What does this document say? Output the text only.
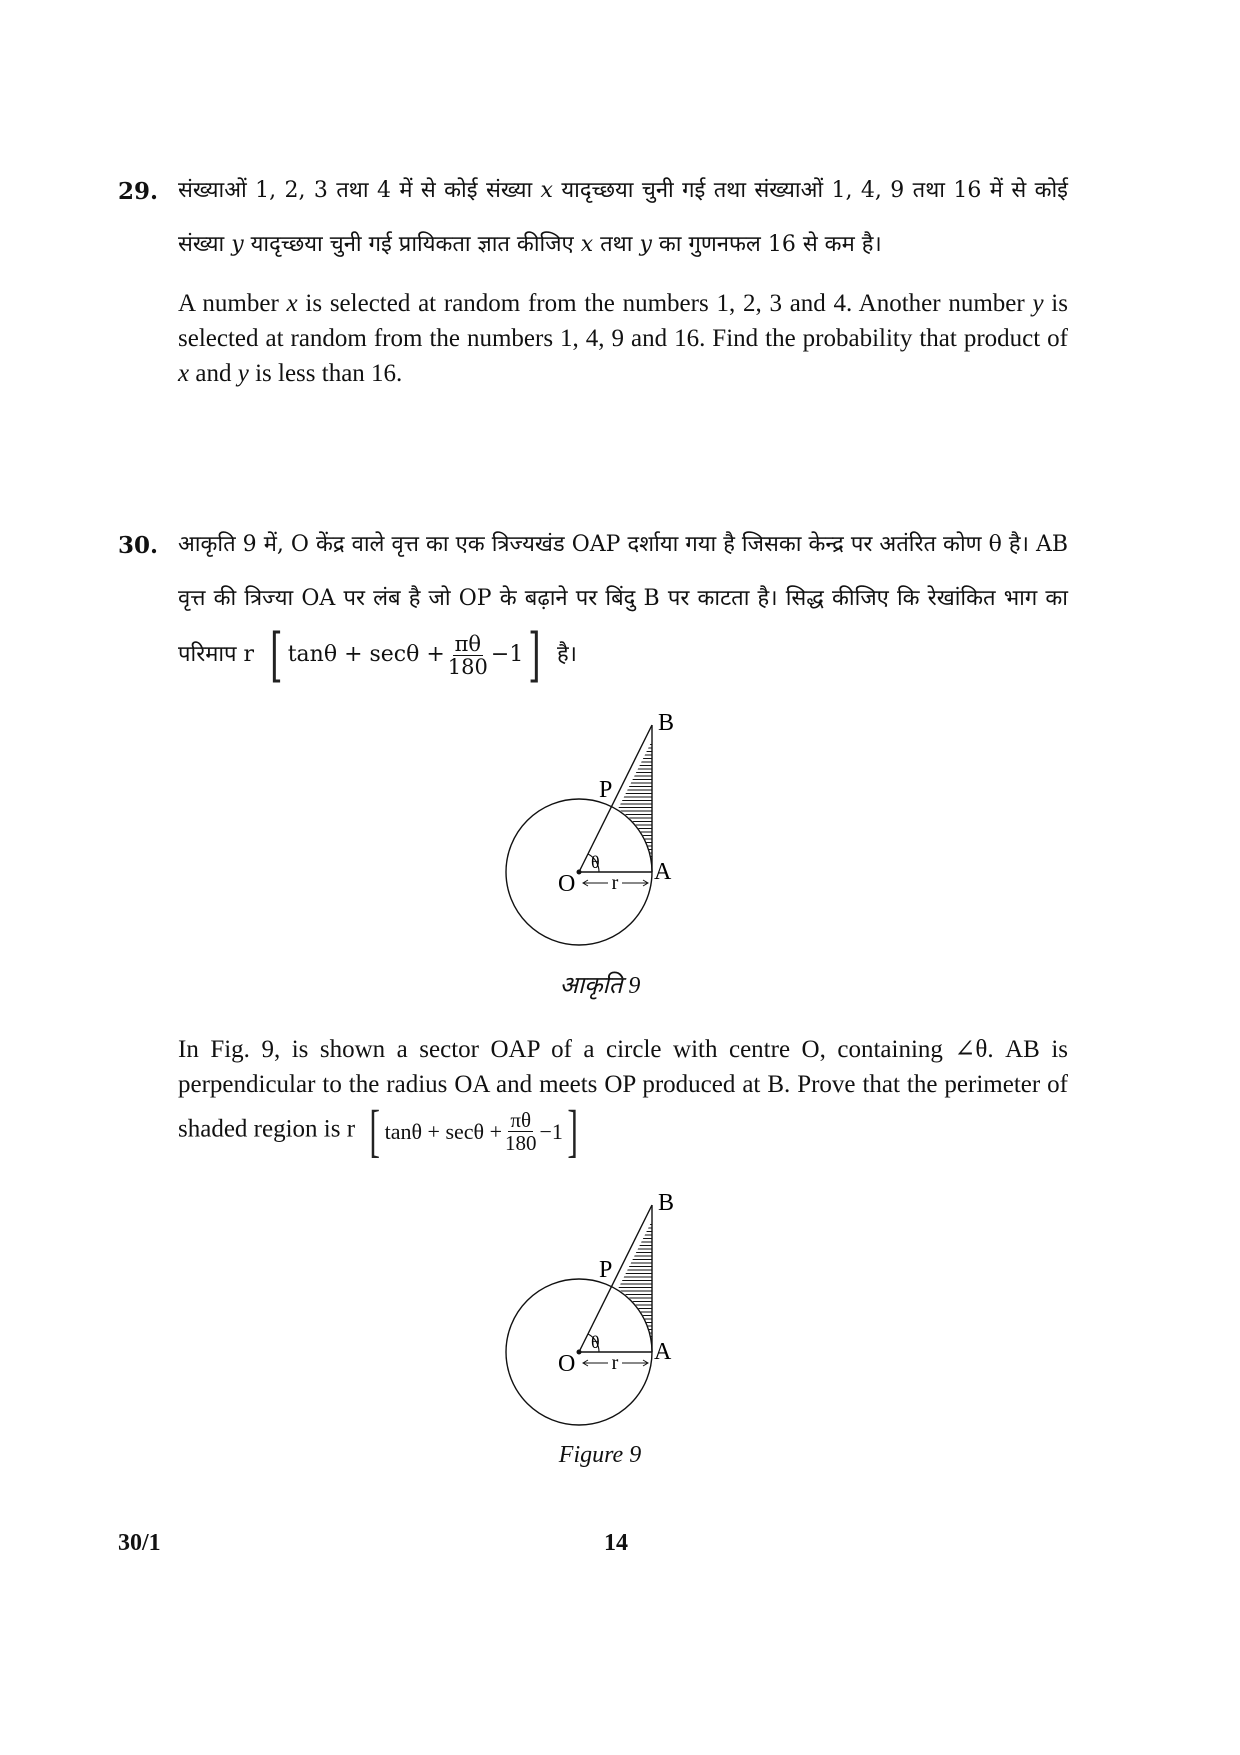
29. संख्याओं 1, 2, 3 तथा 4 में से कोई संख्या x यादृच्छया चुनी गई तथा संख्याओं 1, 4, 9 तथा 16 में से कोई संख्या y यादृच्छया चुनी गई प्रायिकता ज्ञात कीजिए x तथा y का गुणनफल 16 से कम है।
A number x is selected at random from the numbers 1, 2, 3 and 4. Another number y is selected at random from the numbers 1, 4, 9 and 16. Find the probability that product of x and y is less than 16.
30. आकृति 9 में, O केंद्र वाले वृत्त का एक त्रिज्यखंड OAP दर्शाया गया है जिसका केन्द्र पर अतंरित कोण θ है। AB वृत्त की त्रिज्या OA पर लंब है जो OP के बढ़ाने पर बिंदु B पर काटता है। सिद्ध कीजिए कि रेखांकित भाग का परिमाप r [ $\tan\theta + \sec\theta + \frac{\pi\theta}{180} -1$ ] है।
r
θ
B
P
O	A
आकृति 9
In Fig. 9, is shown a sector OAP of a circle with centre O, containing ∠θ. AB is perpendicular to the radius OA and meets OP produced at B. Prove that the perimeter of shaded region is r [ $\tan\theta + \sec\theta + \frac{\pi\theta}{180} -1$ ]
r
θ
B
P
O	A
Figure 9
30/1	14
